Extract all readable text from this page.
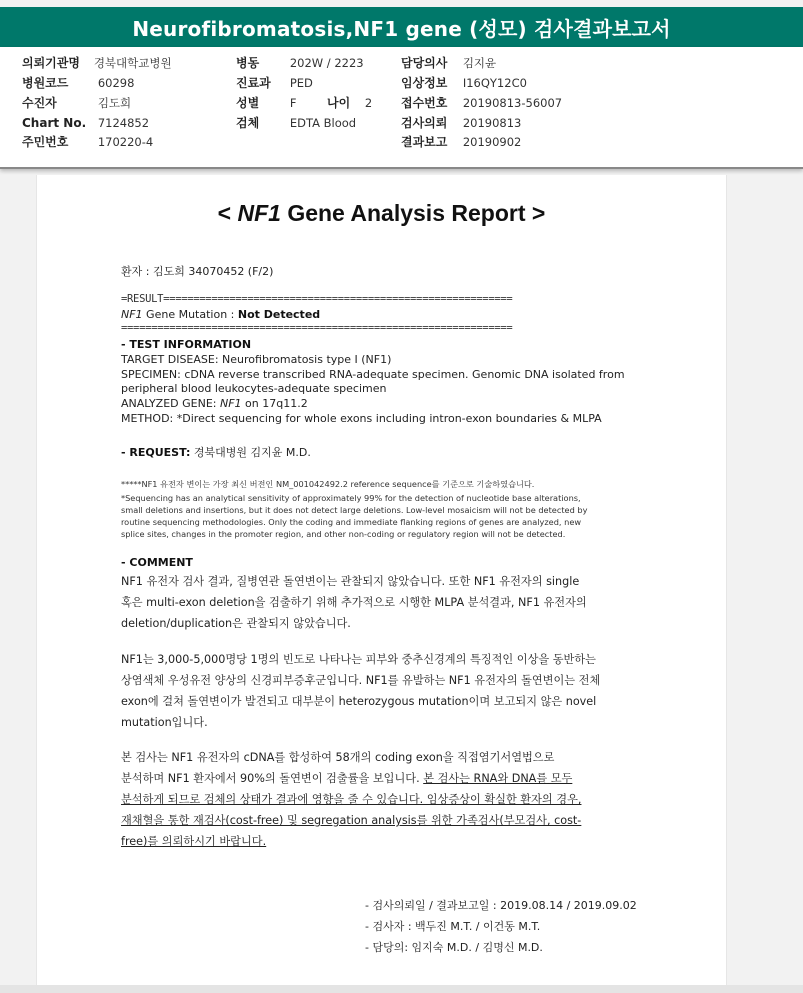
Neurofibromatosis,NF1 gene (성모) 검사결과보고서
의뢰기관명 경북대학교병원
병원코드	60298
수진자	김도희
Chart No. 7124852
주민번호	170220-4
병동	202W / 2223
진료과 PED
성별	F	나이 2
검체	EDTA Blood
담당의사 김지윤
임상정보 I16QY12C0
접수번호 20190813-56007
검사의뢰 20190813
결과보고 20190902
< NF1 Gene Analysis Report >
환자 : 김도희 34070452 (F/2)
=RESULT==========================================================
NF1 Gene Mutation : Not Detected
=================================================================
- TEST INFORMATION
TARGET DISEASE: Neurofibromatosis type I (NF1)
SPECIMEN: cDNA reverse transcribed RNA-adequate specimen. Genomic DNA isolated from
peripheral blood leukocytes-adequate specimen
ANALYZED GENE: NF1 on 17q11.2
METHOD: *Direct sequencing for whole exons including intron-exon boundaries & MLPA
- REQUEST: 경북대병원 김지윤 M.D.
*****NF1 유전자 변이는 가장 최신 버전인 NM_001042492.2 reference sequence를 기준으로 기술하였습니다.
*Sequencing has an analytical sensitivity of approximately 99% for the detection of nucleotide base alterations,
small deletions and insertions, but it does not detect large deletions. Low-level mosaicism will not be detected by
routine sequencing methodologies. Only the coding and immediate flanking regions of genes are analyzed, new
splice sites, changes in the promoter region, and other non-coding or regulatory region will not be detected.
- COMMENT
NF1 유전자 검사 결과, 질병연관 돌연변이는 관찰되지 않았습니다. 또한 NF1 유전자의 single
혹은 multi-exon deletion을 검출하기 위해 추가적으로 시행한 MLPA 분석결과, NF1 유전자의
deletion/duplication은 관찰되지 않았습니다.
NF1는 3,000-5,000명당 1명의 빈도로 나타나는 피부와 중추신경계의 특징적인 이상을 동반하는
상염색체 우성유전 양상의 신경피부증후군입니다. NF1를 유발하는 NF1 유전자의 돌연변이는 전체
exon에 걸쳐 돌연변이가 발견되고 대부분이 heterozygous mutation이며 보고되지 않은 novel
mutation입니다.
본 검사는 NF1 유전자의 cDNA를 합성하여 58개의 coding exon을 직접염기서열법으로
분석하며 NF1 환자에서 90%의 돌연변이 검출률을 보입니다. 본 검사는 RNA와 DNA를 모두
분석하게 되므로 검체의 상태가 결과에 영향을 줄 수 있습니다. 임상증상이 확실한 환자의 경우,
재채혈을 통한 재검사(cost-free) 및 segregation analysis를 위한 가족검사(부모검사, cost-
free)를 의뢰하시기 바랍니다.
- 검사의뢰일 / 결과보고일 : 2019.08.14 / 2019.09.02
- 검사자 : 백두진 M.T. / 이건동 M.T.
- 담당의: 임지숙 M.D. / 김명신 M.D.
